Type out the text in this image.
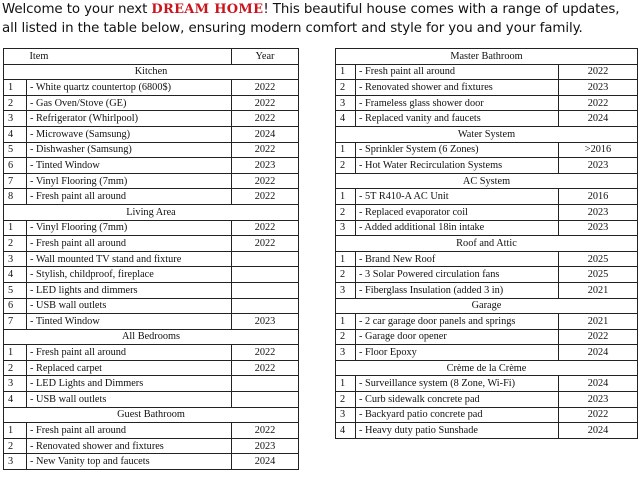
Welcome to your next DREAM HOME! This beautiful house comes with a range of updates, all listed in the table below, ensuring modern comfort and style for you and your family.
	Item	Year
Kitchen		
1	- White quartz countertop (6800$)	2022
2	- Gas Oven/Stove (GE)	2022
3	- Refrigerator (Whirlpool)	2022
4	- Microwave (Samsung)	2024
5	- Dishwasher (Samsung)	2022
6	- Tinted Window	2023
7	- Vinyl Flooring (7mm)	2022
8	- Fresh paint all around	2022
Living Area		
1	- Vinyl Flooring (7mm)	2022
2	- Fresh paint all around	2022
3	- Wall mounted TV stand and fixture	
4	- Stylish, childproof, fireplace	
5	- LED lights and dimmers	
6	- USB wall outlets	
7	- Tinted Window	2023
All Bedrooms		
1	- Fresh paint all around	2022
2	- Replaced carpet	2022
3	- LED Lights and Dimmers	
4	- USB wall outlets	
Guest Bathroom		
1	- Fresh paint all around	2022
2	- Renovated shower and fixtures	2023
3	- New Vanity top and faucets	2024
Master Bathroom		
1	- Fresh paint all around	2022
2	- Renovated shower and fixtures	2023
3	- Frameless glass shower door	2022
4	- Replaced vanity and faucets	2024
Water System		
1	- Sprinkler System (6 Zones)	>2016
2	- Hot Water Recirculation Systems	2023
AC System		
1	- 5T R410-A AC Unit	2016
2	- Replaced evaporator coil	2023
3	- Added additional 18in intake	2023
Roof and Attic		
1	- Brand New Roof	2025
2	- 3 Solar Powered circulation fans	2025
3	- Fiberglass Insulation (added 3 in)	2021
Garage		
1	- 2 car garage door panels and springs	2021
2	- Garage door opener	2022
3	- Floor Epoxy	2024
Crème de la Crème		
1	- Surveillance system (8 Zone, Wi-Fi)	2024
2	- Curb sidewalk concrete pad	2023
3	- Backyard patio concrete pad	2022
4	- Heavy duty patio Sunshade	2024
